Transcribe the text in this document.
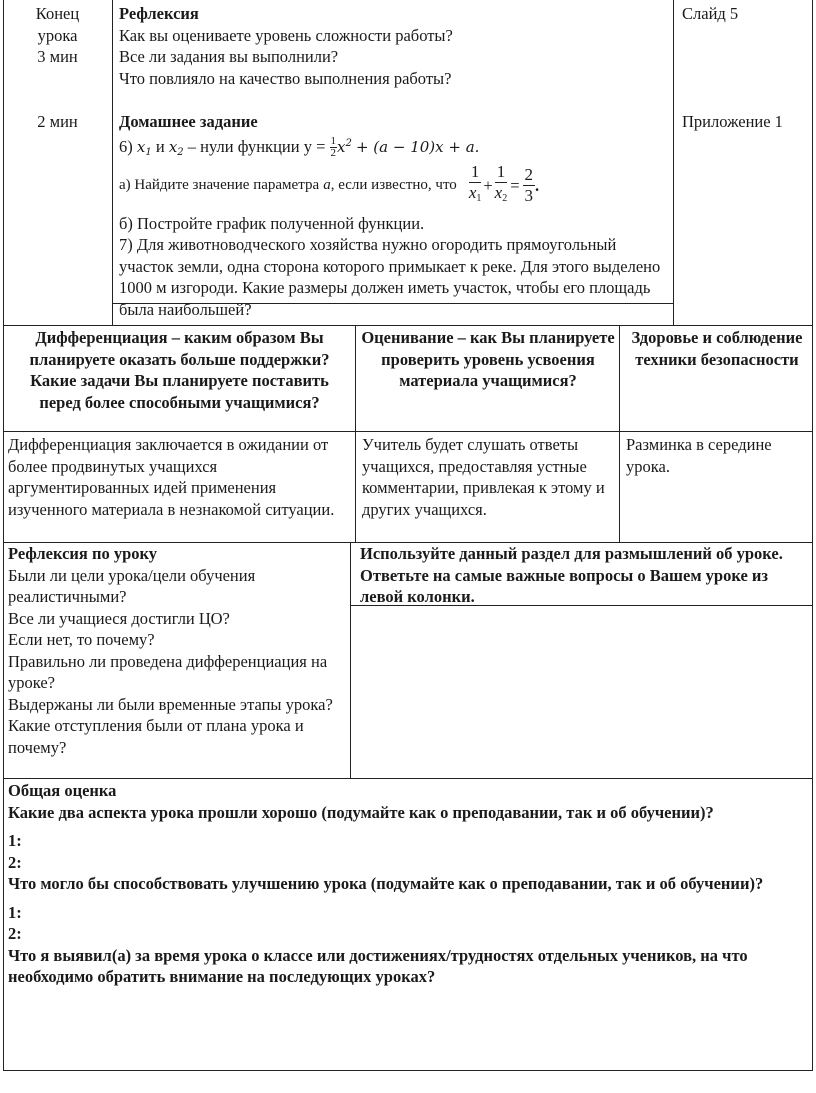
Конец урока
3 мин
2 мин
Рефлексия
Как вы оцениваете уровень сложности работы?
Все ли задания вы выполнили?
Что повлияло на качество выполнения работы?
Домашнее задание
6) $x_1$ и $x_2$ – нули функции $у = \frac{1}{2} x^2 + (a - 10)x + a$.
а) Найдите значение параметра
а , если известно, что
1
$x_1$
+ $\frac{1}{x_2} = \frac{2}{3}$ .
б) Постройте график полученной функции.
7) Для животноводческого хозяйства нужно огородить прямоугольный участок земли, одна сторона которого примыкает к реке. Для этого выделено 1000 м изгороди. Какие размеры должен иметь участок, чтобы его площадь была наибольшей?
Слайд 5
Приложение 1
Дифференциация – каким образом Вы планируете оказать больше поддержки? Какие задачи Вы планируете поставить перед более способными учащимися?
Оценивание – как Вы планируете проверить уровень усвоения материала учащимися?
Здоровье и соблюдение техники безопасности
Дифференциация заключается в ожидании от более продвинутых учащихся аргументированных идей применения изученного материала в незнакомой ситуации.
Учитель будет слушать ответы учащихся, предоставляя устные комментарии, привлекая к этому и других учащихся.
Разминка в середине урока.
Рефлексия по уроку
Были ли цели урока/цели обучения реалистичными?
Все ли учащиеся достигли ЦО?
Если нет, то почему?
Правильно ли проведена дифференциация на уроке?
Выдержаны ли были временные этапы урока?
Какие отступления были от плана урока и почему?
Используйте данный раздел для размышлений об уроке. Ответьте на самые важные вопросы о Вашем уроке из левой колонки.
Общая оценка
Какие два аспекта урока прошли хорошо (подумайте как о преподавании, так и об обучении)?
1:
2:
Что могло бы способствовать улучшению урока (подумайте как о преподавании, так и об обучении)?
1:
2:
Что я выявил(а) за время урока о классе или достижениях/трудностях отдельных учеников, на что необходимо обратить внимание на последующих уроках?
